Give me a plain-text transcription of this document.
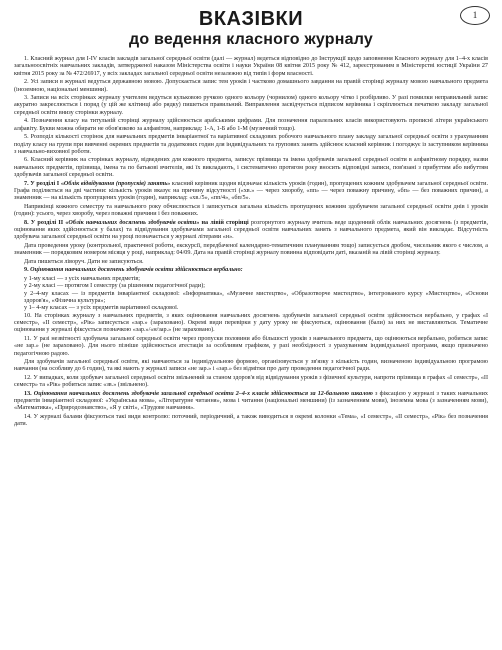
1
ВКАЗІВКИ
до ведення класного журналу

1. Класний журнал для I-IV класів закладів загальної середньої освіти (далі — журнал) ведеться відповідно до Інструкції щодо заповнення Класного журналу для 1–4-х класів загальноосвітніх навчальних закладів, затвердженої наказом Міністерства освіти і науки України 08 квітня 2015 року № 412, зареєстрованим в Міністерстві юстиції України 27 квітня 2015 року за № 472/26917, у всіх закладах загальної середньої освіти незалежно від типів і форм власності.

2. Усі записи в журналі ведуться державною мовою. Допускається запис тем уроків і частково домашнього завдання на правій сторінці журналу мовою навчального предмета (іноземною, національні меншини).

3. Записи на всіх сторінках журналу учителем ведуться кульковою ручкою одного кольору (чорнилом) одного кольору чітко і розбірливо. У разі помилки неправильний запис акуратно закреслюється і поряд (у цій же клітинці або рядку) пишеться правильний. Виправлення засвідчується підписом керівника і скріплюється печаткою закладу загальної середньої освіти внизу сторінки журналу.

4. Позначення класу на титульній сторінці журналу здійснюється арабськими цифрами. Для позначення паралельних класів використовують прописні літери українського алфавіту. Букви можна обирати не обов'язково за алфавітом, наприклад: 1-А, 1-Б або 1-М (музичний тощо).

5. Розподіл кількості сторінок для навчальних предметів інваріантної та варіативної складових робочого навчального плану закладу загальної середньої освіти з урахуванням поділу класу на групи при вивченні окремих предметів та додаткових годин для індивідуальних та групових занять здійснює класний керівник і погоджує із заступником керівника з навчально-виховної роботи.

6. Класний керівник на сторінках журналу, відведених для кожного предмета, записує прізвища та імена здобувачів загальної середньої освіти в алфавітному порядку, назви навчальних предметів, прізвища, імена та по батькові вчителів, які їх викладають, і систематично протягом року вносить відповідні записи, пов'язані з прибуттям або вибуттям здобувачів загальної середньої освіти.

7. У розділі I «Облік відвідування (пропусків) занять» класний керівник щодня відзначає кількість уроків (годин), пропущених кожним здобувачем загальної середньої освіти. Графа поділяється на дві частини: кількість уроків вказує на причину відсутності («хв.» — через хворобу, «пп» — через поважну причину, «бп» — без поважних причин), а знаменник — на кількість пропущених уроків (годин), наприклад: «хв./5», «пп/4», «бп/5».

Наприкінці кожного семестру та навчального року обчислюється і записується загальна кількість пропущених кожним здобувачем загальної середньої освіти днів і уроків (годин): усього, через хворобу, через поважні причини і без поважних.

8. У розділі II «Облік навчальних досягнень здобувачів освіти» на лівій сторінці розгорнутого журналу вчитель веде щоденний облік навчальних досягнень (з предметів, оцінювання яких здійснюється у балах) та відвідування здобувачами загальної середньої освіти навчальних занять з навчального предмета, який він викладає. Відсутність здобувача загальної середньої освіти на уроці позначається у журналі літерами «н».

Дата проведення уроку (контрольної, практичної роботи, екскурсії, передбаченої календарно-тематичним плануванням тощо) записується дробом, чисельник якого є числом, а знаменник — порядковим номером місяця у році, наприклад: 04/09. Дата на правій сторінці журналу повинна відповідати даті, вказаній на лівій сторінці журналу.

Дата пишеться ліворуч. Дати не записуються.

9. Оцінювання навчальних досягнень здобувачів освіти здійснюється вербально:

у 1-му класі — з усіх навчальних предметів;

у 2-му класі — протягом I семестру (за рішенням педагогічної ради);

у 2–4-му класах — із предметів інваріантної складової: «Інформатика», «Музичне мистецтво», «Образотворче мистецтво», інтегрованого курсу «Мистецтво», «Основи здоров'я», «Фізична культура»;

у 1– 4-му класах — з усіх предметів варіативної складової.

10. На сторінках журналу з навчальних предметів, з яких оцінювання навчальних досягнень здобувачів загальної середньої освіти здійснюється вербально, у графах «I семестр», «II семестр», «Рік» записується «зар.» (зараховано). Окремі види перевірки у дату уроку не фіксуються, оцінювання (бали) за них не виставляються. Тематичне оцінювання у журналі фіксується позначкою «зар.»/«н/зар.» (не зараховано).

11. У разі незвітності здобувача загальної середньої освіти через пропуски половини або більшості уроків з навчального предмета, що оцінюються вербально, робиться запис «не зар.» (не зараховано). Для нього пізніше здійснюється атестація за особливим графіком, у разі необхідності з урахуванням індивідуальної програми, якщо призначено педагогічною радою.

Для здобувачів загальної середньої освіти, які навчаються за індивідуальною формою, організовується у зв'язку з кількість годин, визначеною індивідуальною програмою навчання (на особливу до 6 годин), та які мають у журналі записи «не зар.» і «зар.» без відмітки про дату проведення педагогічної ради.

12. У випадках, коли здобувач загальної середньої освіти звільнений за станом здоров'я від відвідування уроків з фізичної культури, напроти прізвища в графах «I семестр», «II семестр» та «Рік» робиться запис «зв.» (звільнено).

13. Оцінювання навчальних досягнень здобувачів загальної середньої освіти 2–4-х класів здійснюється за 12-бальною шкалою з фіксацією у журналі з таких навчальних предметів інваріантної складової: «Українська мова», «Літературне читання», мова і читання (національні меншини) (із зазначенням мови), іноземна мова (з зазначенням мови), «Математика», «Природознавство», «Я у світі», «Трудове навчання».

14. У журналі балами фіксуються такі види контролю: поточний, періодичний, а також виводиться в окремі колонки «Тема», «I семестр», «II семестр», «Рік» без позначення дати.
